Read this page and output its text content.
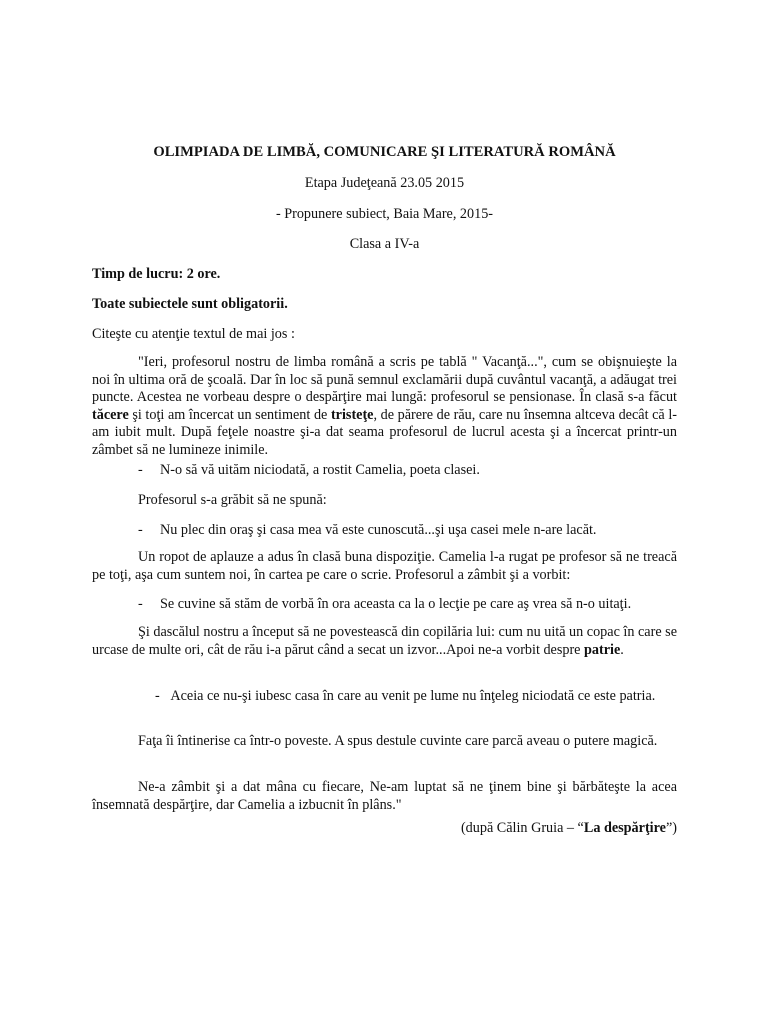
OLIMPIADA DE LIMBĂ, COMUNICARE ŞI LITERATURĂ ROMÂNĂ
Etapa Judeţeană 23.05 2015
- Propunere subiect, Baia Mare, 2015-
Clasa a IV-a
Timp de lucru: 2 ore.
Toate subiectele sunt obligatorii.
Citeşte cu atenţie textul de mai jos :
"Ieri, profesorul nostru de limba română a scris pe tablă " Vacanţă...", cum se obişnuieşte la noi în ultima oră de şcoală. Dar în loc să pună semnul exclamării după cuvântul vacanţă, a adăugat trei puncte. Acestea ne vorbeau despre o despărţire mai lungă: profesorul se pensionase. În clasă s-a făcut tăcere şi toţi am încercat un sentiment de tristeţe, de părere de rău, care nu însemna altceva decât că l-am iubit mult. După feţele noastre şi-a dat seama profesorul de lucrul acesta şi a încercat printr-un zâmbet să ne lumineze inimile.
- N-o să vă uităm niciodată, a rostit Camelia, poeta clasei.
Profesorul s-a grăbit să ne spună:
- Nu plec din oraş şi casa mea vă este cunoscută...şi uşa casei mele n-are lacăt.
Un ropot de aplauze a adus în clasă buna dispoziţie. Camelia l-a rugat pe profesor să ne treacă pe toţi, aşa cum suntem noi, în cartea pe care o scrie. Profesorul a zâmbit şi a vorbit:
- Se cuvine să stăm de vorbă în ora aceasta ca la o lecţie pe care aş vrea să n-o uitaţi.
Şi dascălul nostru a început să ne povestească din copilăria lui: cum nu uită un copac în care se urcase de multe ori, cât de rău i-a părut când a secat un izvor...Apoi ne-a vorbit despre patrie.
- Aceia ce nu-şi iubesc casa în care au venit pe lume nu înţeleg niciodată ce este patria.
Faţa îi întinerise ca într-o poveste. A spus destule cuvinte care parcă aveau o putere magică.
Ne-a zâmbit şi a dat mâna cu fiecare, Ne-am luptat să ne ţinem bine şi bărbăteşte la acea însemnată despărţire, dar Camelia a izbucnit în plâns."
(după Călin Gruia – “La despărţire”)
